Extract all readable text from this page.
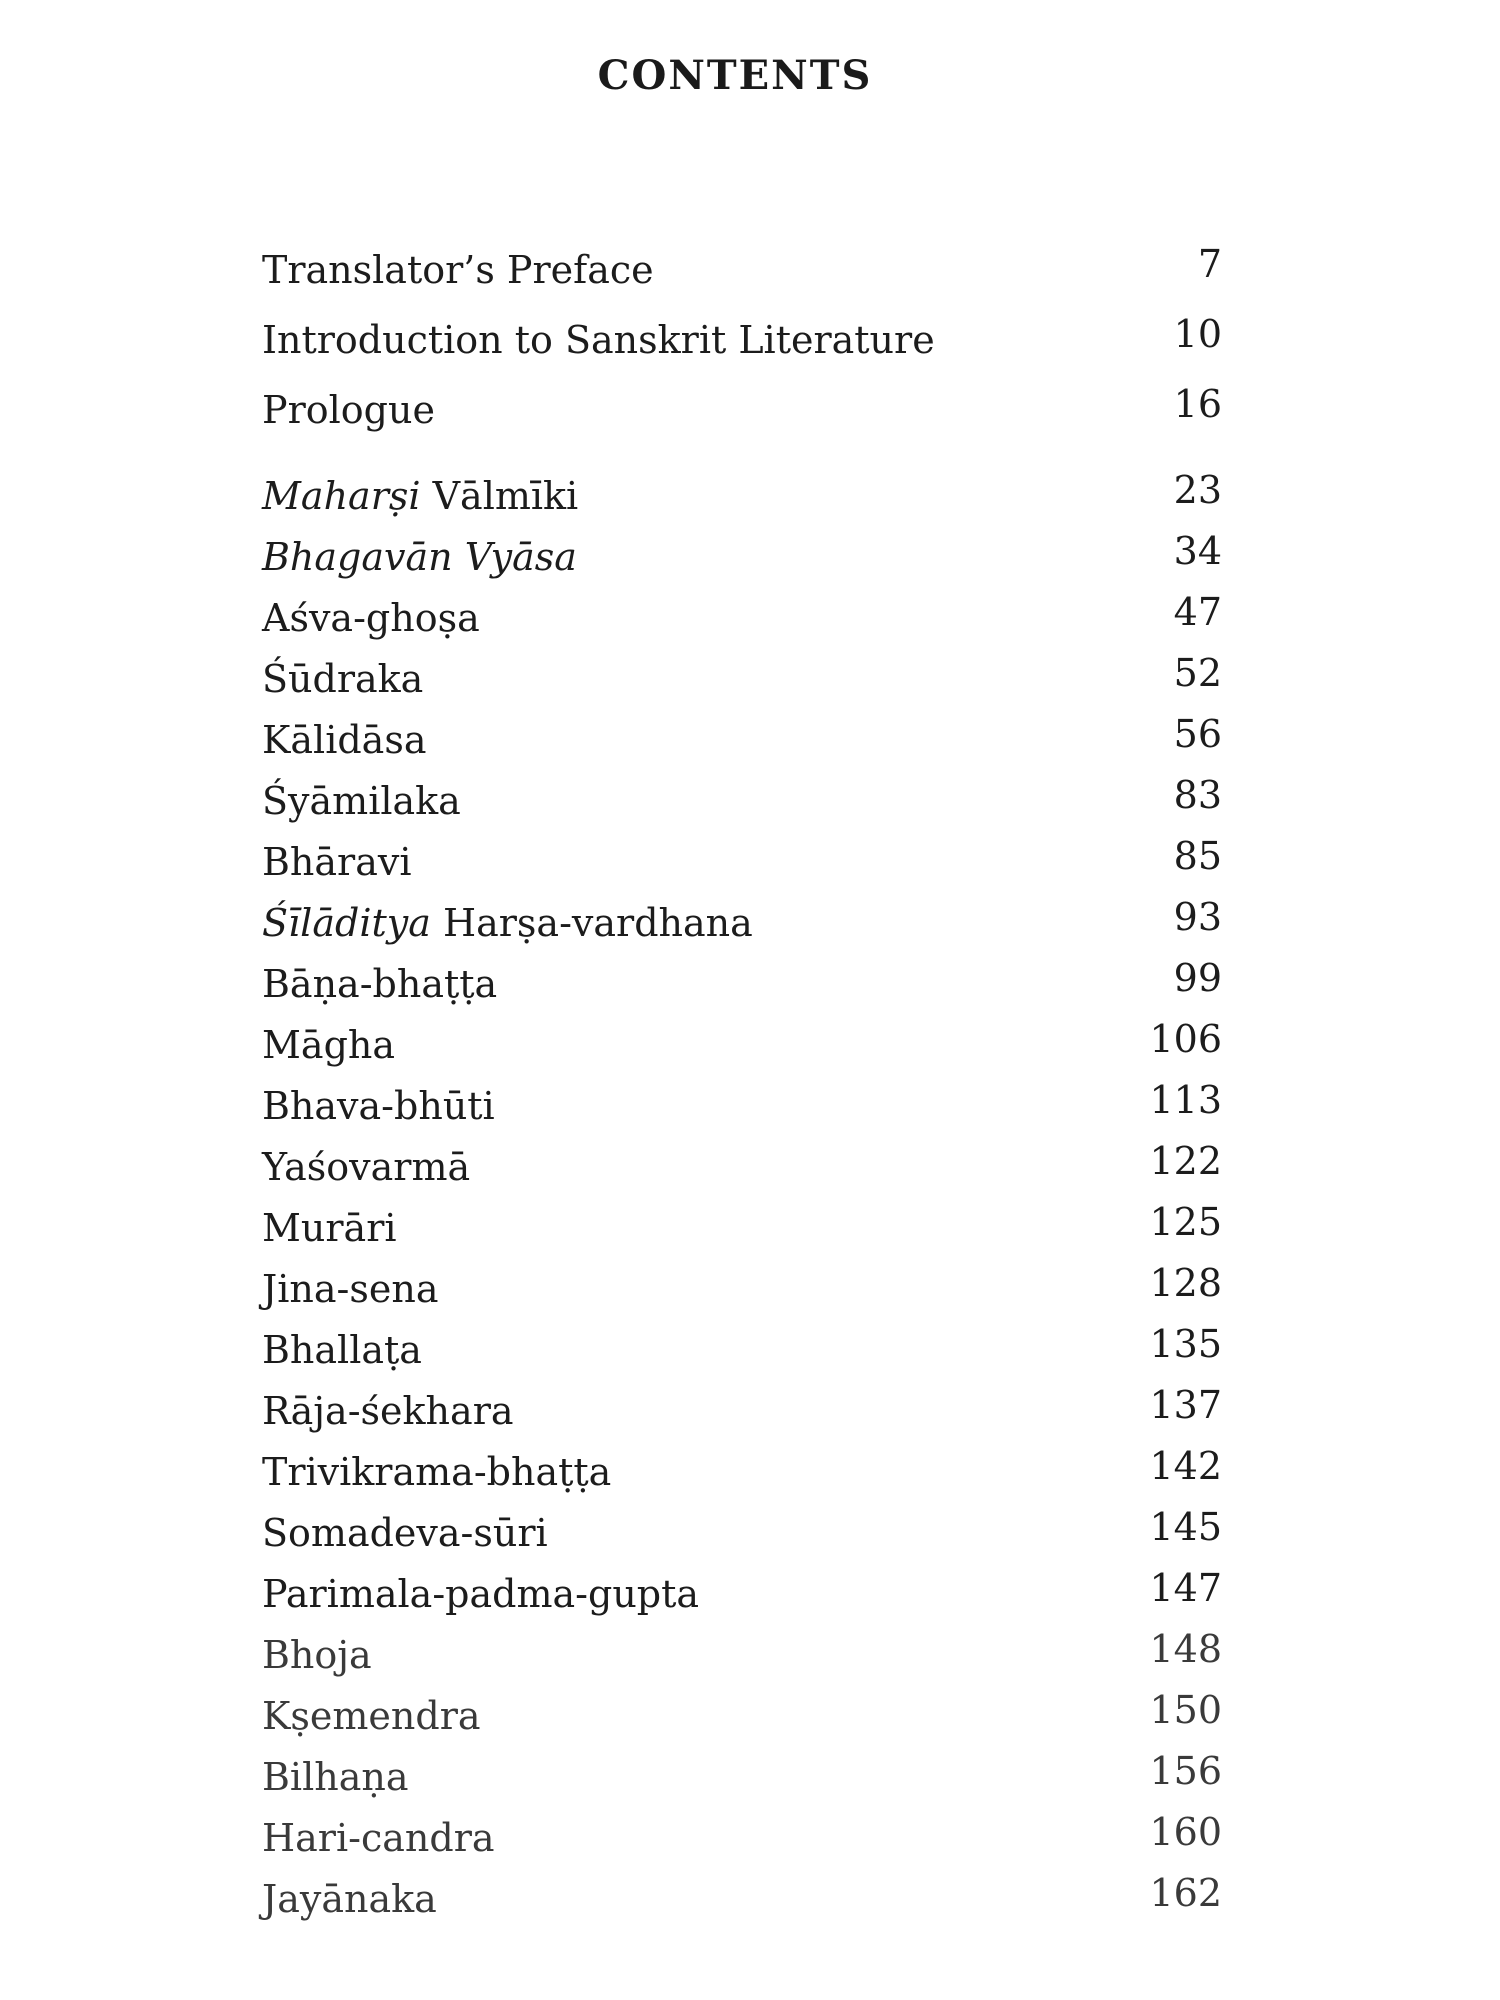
CONTENTS
Translator’s Preface	7
Introduction to Sanskrit Literature	10
Prologue	16
Maharṣi Vālmīki	23
Bhagavān Vyāsa	34
Aśva-ghoṣa	47
Śūdraka	52
Kālidāsa	56
Śyāmilaka	83
Bhāravi	85
Śīlāditya Harṣa-vardhana	93
Bāṇa-bhaṭṭa	99
Māgha	106
Bhava-bhūti	113
Yaśovarmā	122
Murāri	125
Jina-sena	128
Bhallaṭa	135
Rāja-śekhara	137
Trivikrama-bhaṭṭa	142
Somadeva-sūri	145
Parimala-padma-gupta	147
Bhoja	148
Kṣemendra	150
Bilhaṇa	156
Hari-candra	160
Jayānaka	162
